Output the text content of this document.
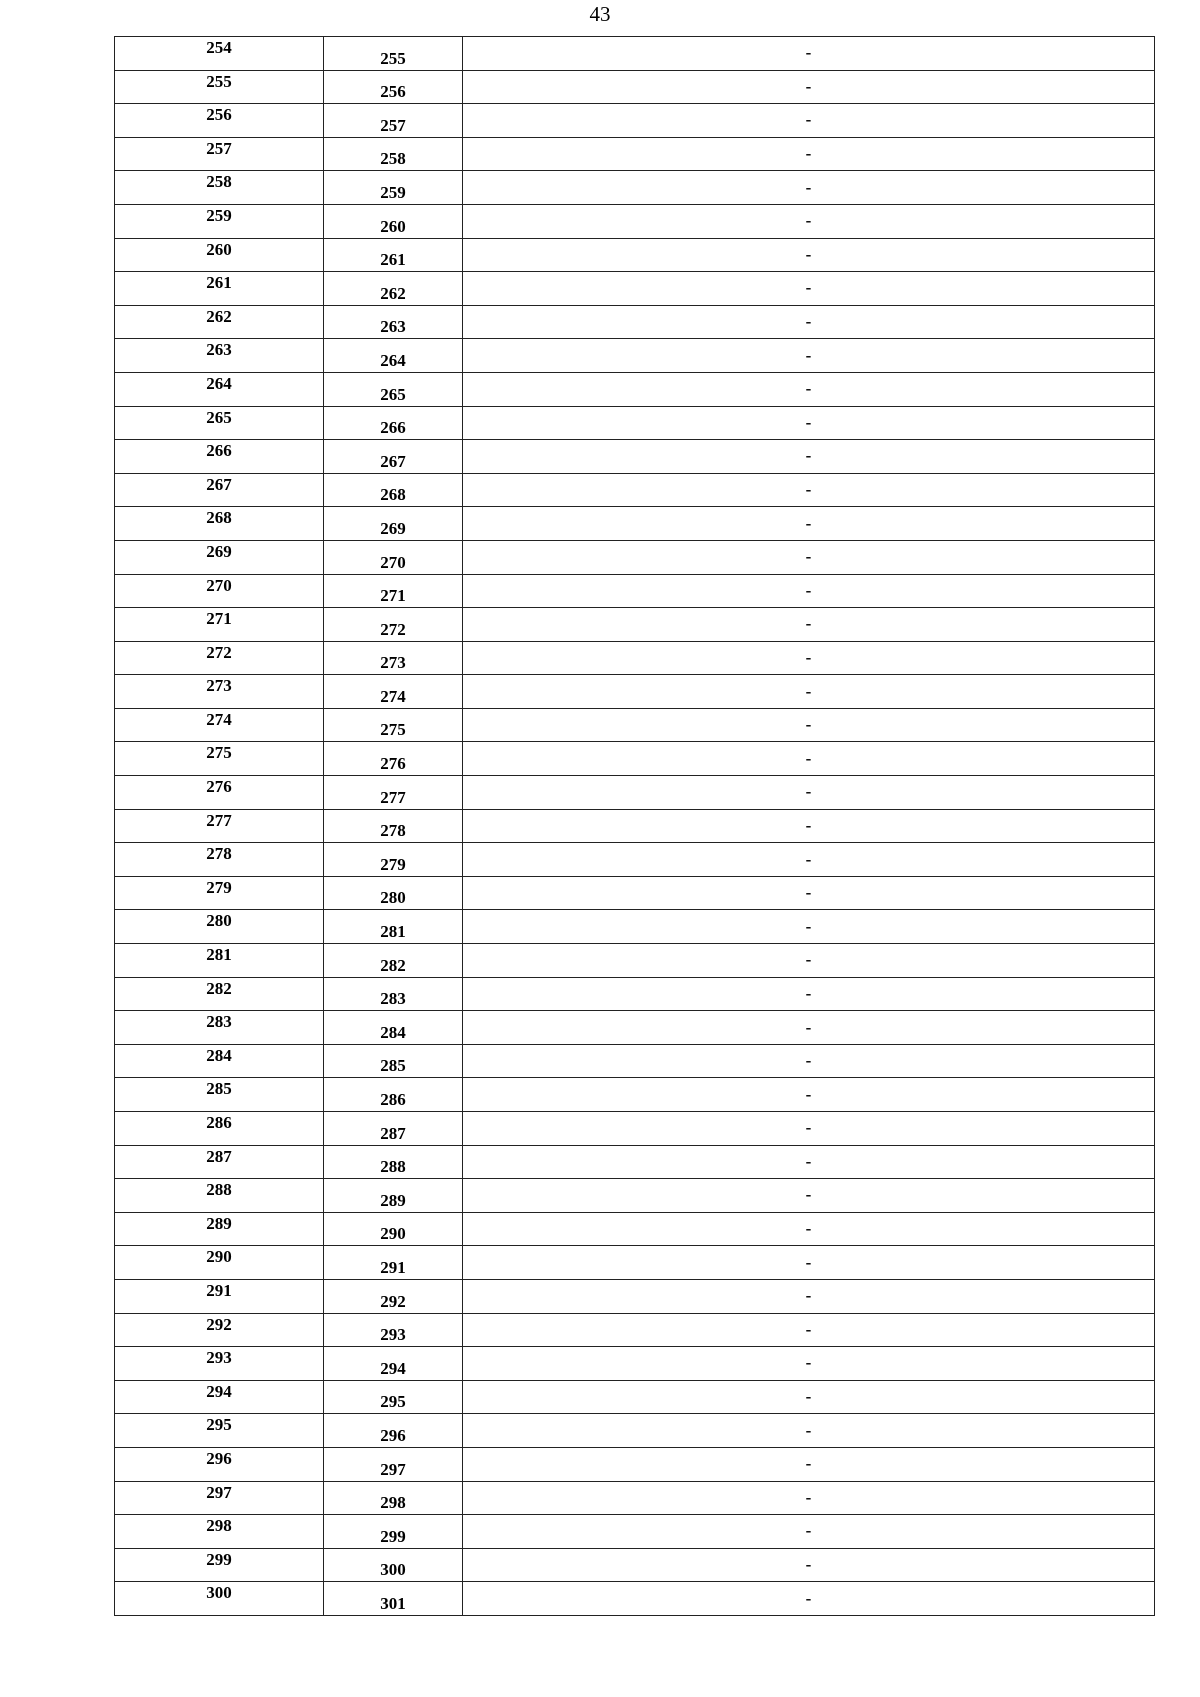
43
254	255	-
255	256	-
256	257	-
257	258	-
258	259	-
259	260	-
260	261	-
261	262	-
262	263	-
263	264	-
264	265	-
265	266	-
266	267	-
267	268	-
268	269	-
269	270	-
270	271	-
271	272	-
272	273	-
273	274	-
274	275	-
275	276	-
276	277	-
277	278	-
278	279	-
279	280	-
280	281	-
281	282	-
282	283	-
283	284	-
284	285	-
285	286	-
286	287	-
287	288	-
288	289	-
289	290	-
290	291	-
291	292	-
292	293	-
293	294	-
294	295	-
295	296	-
296	297	-
297	298	-
298	299	-
299	300	-
300	301	-
